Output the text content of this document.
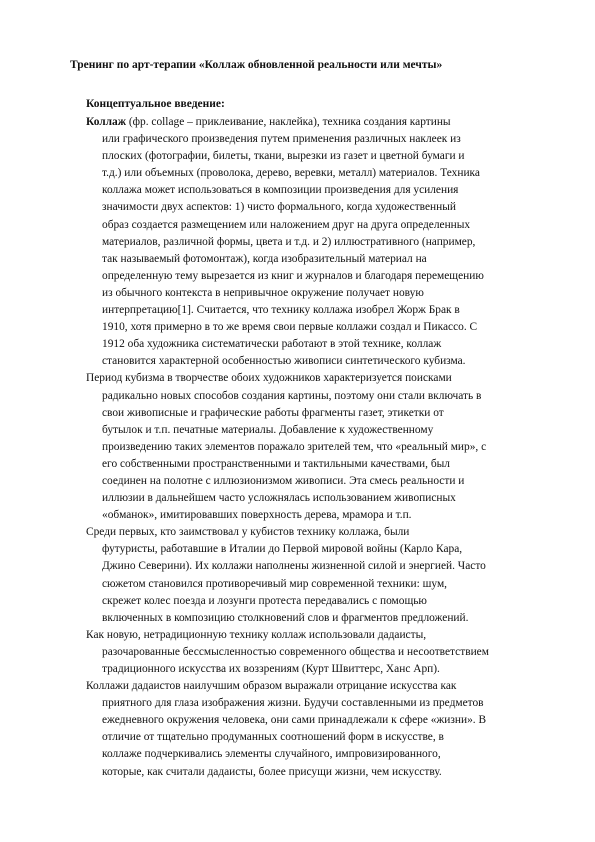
Тренинг по арт-терапии «Коллаж обновленной реальности или мечты»
Концептуальное введение:
Коллаж (фр. collage – приклеивание, наклейка), техника создания картины
или графического произведения путем применения различных наклеек из
плоских (фотографии, билеты, ткани, вырезки из газет и цветной бумаги и
т.д.) или объемных (проволока, дерево, веревки, металл) материалов. Техника
коллажа может использоваться в композиции произведения для усиления
значимости двух аспектов: 1) чисто формального, когда художественный
образ создается размещением или наложением друг на друга определенных
материалов, различной формы, цвета и т.д. и 2) иллюстративного (например,
так называемый фотомонтаж), когда изобразительный материал на
определенную тему вырезается из книг и журналов и благодаря перемещению
из обычного контекста в непривычное окружение получает новую
интерпретацию[1]. Считается, что технику коллажа изобрел Жорж Брак в
1910, хотя примерно в то же время свои первые коллажи создал и Пикассо. С
1912 оба художника систематически работают в этой технике, коллаж
становится характерной особенностью живописи синтетического кубизма.
Период кубизма в творчестве обоих художников характеризуется поисками
радикально новых способов создания картины, поэтому они стали включать в
свои живописные и графические работы фрагменты газет, этикетки от
бутылок и т.п. печатные материалы. Добавление к художественному
произведению таких элементов поражало зрителей тем, что «реальный мир», с
его собственными пространственными и тактильными качествами, был
соединен на полотне с иллюзионизмом живописи. Эта смесь реальности и
иллюзии в дальнейшем часто усложнялась использованием живописных
«обманок», имитировавших поверхность дерева, мрамора и т.п.
Среди первых, кто заимствовал у кубистов технику коллажа, были
футуристы, работавшие в Италии до Первой мировой войны (Карло Кара,
Джино Северини). Их коллажи наполнены жизненной силой и энергией. Часто
сюжетом становился противоречивый мир современной техники: шум,
скрежет колес поезда и лозунги протеста передавались с помощью
включенных в композицию столкновений слов и фрагментов предложений.
Как новую, нетрадиционную технику коллаж использовали дадаисты,
разочарованные бессмысленностью современного общества и несоответствием
традиционного искусства их воззрениям (Курт Швиттерс, Ханс Арп).
Коллажи дадаистов наилучшим образом выражали отрицание искусства как
приятного для глаза изображения жизни. Будучи составленными из предметов
ежедневного окружения человека, они сами принадлежали к сфере «жизни». В
отличие от тщательно продуманных соотношений форм в искусстве, в
коллаже подчеркивались элементы случайного, импровизированного,
которые, как считали дадаисты, более присущи жизни, чем искусству.
